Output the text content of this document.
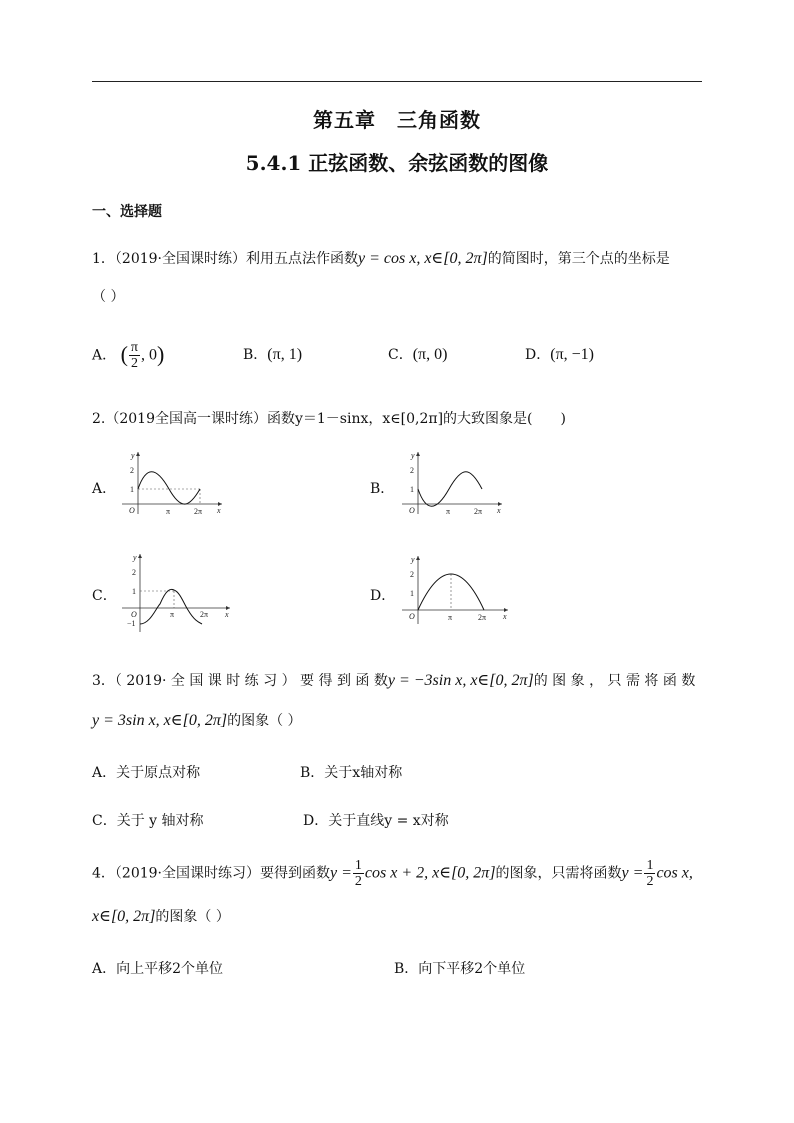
第五章　三角函数
5.4.1 正弦函数、余弦函数的图像
一、选择题
1．（2019·全国课时练）利用五点法作函数y = cos x, x∈[0, 2π]的简图时，第三个点的坐标是
（ ）
A． ( $\frac{\pi}{2}$ , 0)	B．(π, 1)	C．(π, 0)	D．(π, −1)
2.（2019全国高一课时练）函数y＝1－sinx，x∈[0,2π]的大致图象是(　　)
A．
y
x
O
2
1
π	2π
B．
y
x
O
2
1
π	2π
C．
y
x
O
2
1
−1
π	2π
D．
y
x
O
2
1
π	2π
3．（ 2019· 全 国 课 时 练 习 ） 要 得 到 函 数y = −3sin x, x∈[0, 2π]的 图 象 ， 只 需 将 函 数
y = 3sin x, x∈[0, 2π]的图象（ ）
A．关于原点对称	B．关于x轴对称
C．关于 y 轴对称	D．关于直线y = x对称
4．（2019·全国课时练习）要得到函数$y = \frac{1}{2}$ cos x + 2, x∈[0, 2π]的图象，只需将函数$y = \frac{1}{2}$ cos x,
x∈[0, 2π]的图象（ ）
A．向上平移2个单位	B．向下平移2个单位
